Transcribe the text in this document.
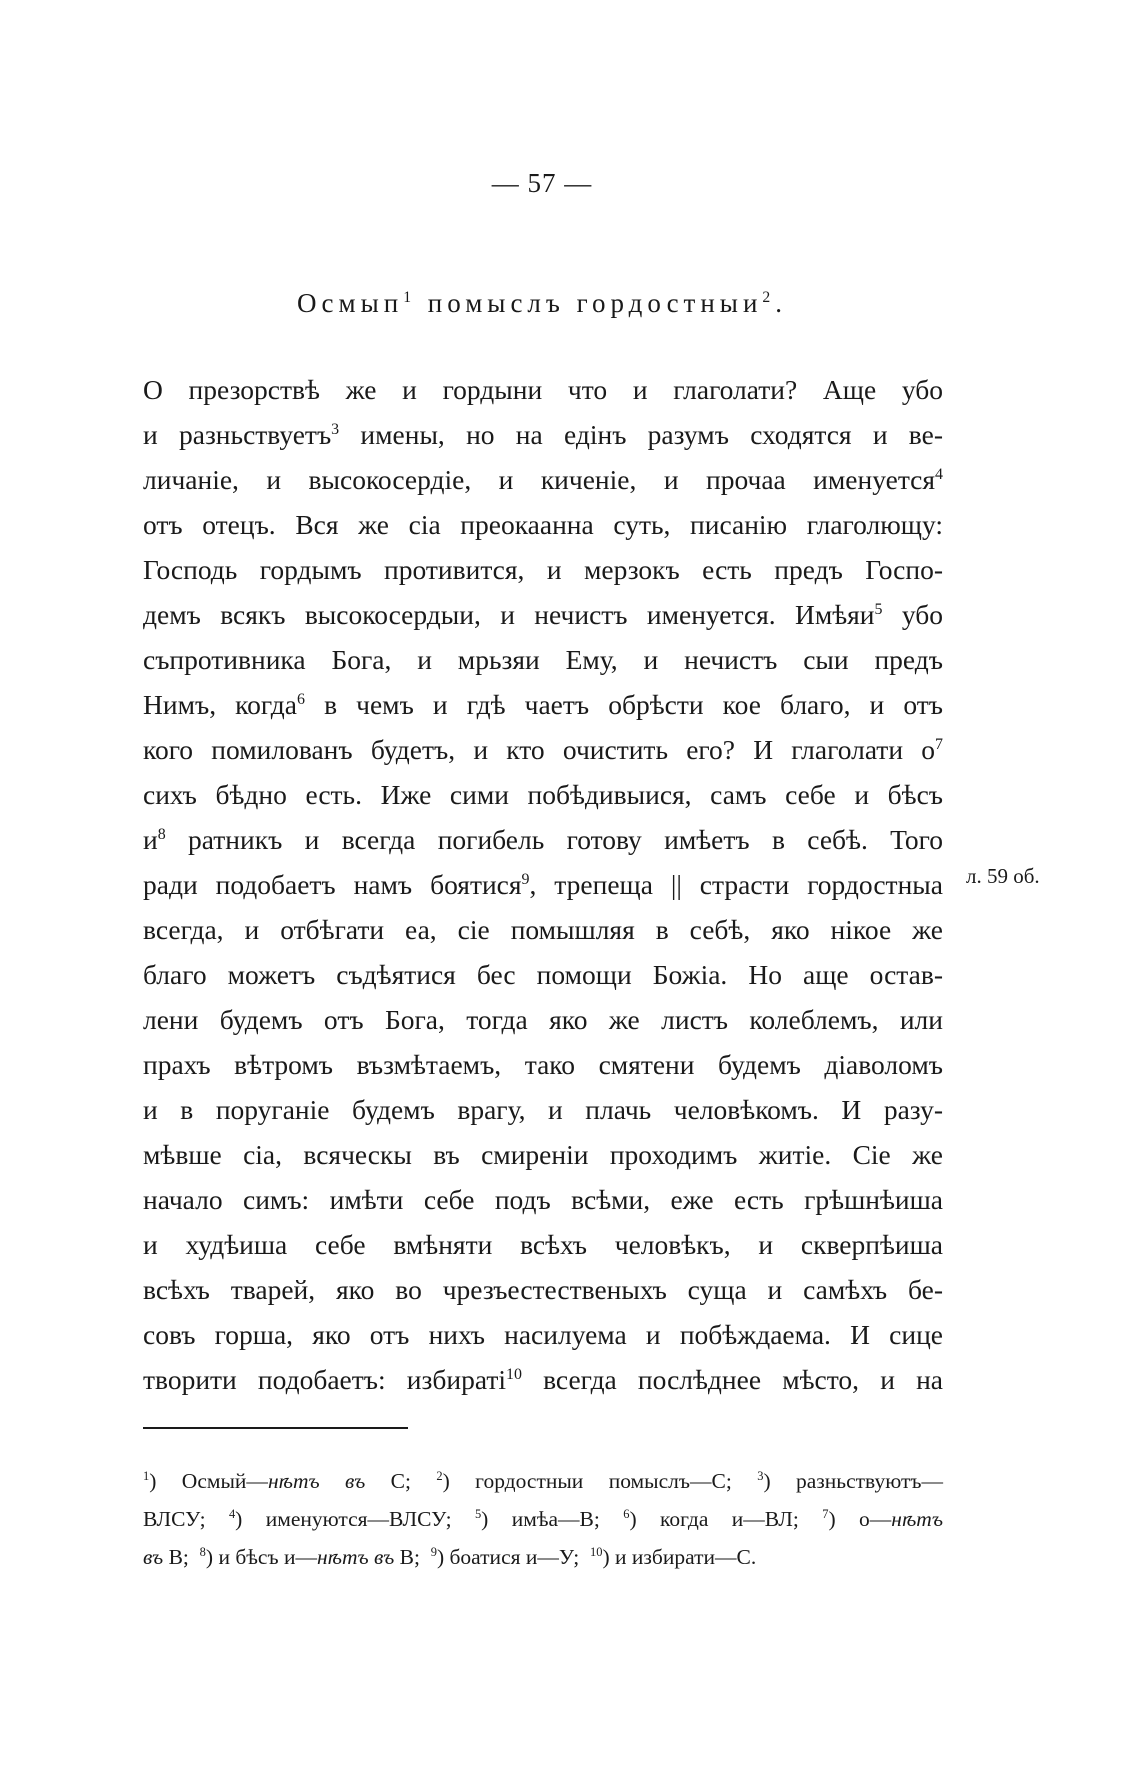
— 57 —
Осмып$^1$ помыслъ гордостныи$^2$.
О презорствѣ же и гордыни что и глаголати? Аще убо
и разньствуетъ$^3$ имены, но на едінъ разумъ сходятся и ве-
личаніе, и высокосердіе, и киченіе, и прочаа именуется$^4$
отъ отецъ. Вся же сіа преокаанна суть, писанію глаголющу:
Господь гордымъ противится, и мерзокъ есть предъ Госпо-
демъ всякъ высокосердыи, и нечистъ именуется. Имѣяи$^5$ убо
съпротивника Бога, и мрьзяи Ему, и нечистъ сыи предъ
Нимъ, когда$^6$ в чемъ и гдѣ чаетъ обрѣсти кое благо, и отъ
кого помилованъ будетъ, и кто очистить его? И глаголати $о^7$
сихъ бѣдно есть. Иже сими побѣдивыися, самъ себе и бѣсъ
$и^8$ ратникъ и всегда погибель готову имѣетъ в себѣ. Того
ради подобаетъ намъ боятися$^9$, трепеща || страсти гордостныа
всегда, и отбѣгати еа, сіе помышляя в себѣ, яко нікое же
благо можетъ съдѣятися бес помощи Божіа. Но аще остав-
лени будемъ отъ Бога, тогда яко же листъ колеблемъ, или
прахъ вѣтромъ възмѣтаемъ, тако смятени будемъ діаволомъ
и в поруганіе будемъ врагу, и плачь человѣкомъ. И разу-
мѣвше сіа, всяческы въ смиреніи проходимъ житіе. Сіе же
начало симъ: имѣти себе подъ всѣми, еже есть грѣшнѣиша
и худѣиша себе вмѣняти всѣхъ человѣкъ, и скверпѣиша
всѣхъ тварей, яко во чрезъестественыхъ суща и самѣхъ бе-
совъ горша, яко отъ нихъ насилуема и побѣждаема. И сице
творити подобаетъ: избираті$^{10}$ всегда послѣднее мѣсто, и на
л. 59 об.
$^1$) Осмый—нѣтъ въ С; $^2$) гордостныи помыслъ—С; $^3$) разньствуютъ—
ВЛСУ; $^4$) именуются—ВЛСУ; $^5$) имѣа—В; $^6$) когда и—ВЛ; $^7$) о—нѣтъ
въ В; $^8$) и бѣсъ и—нѣтъ въ В; $^9$) боатися и—У; $^{10}$) и избирати—С.
